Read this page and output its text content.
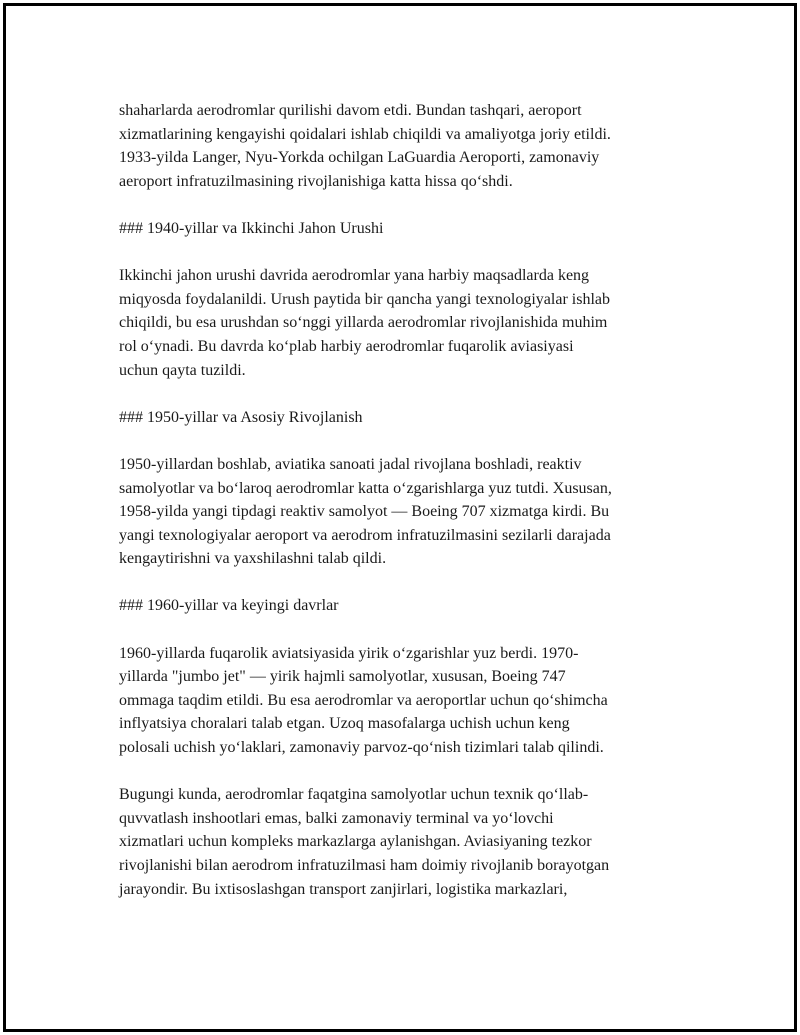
shaharlarda aerodromlar qurilishi davom etdi. Bundan tashqari, aeroport
xizmatlarining kengayishi qoidalari ishlab chiqildi va amaliyotga joriy etildi.
1933-yilda Langer, Nyu-Yorkda ochilgan LaGuardia Aeroporti, zamonaviy
aeroport infratuzilmasining rivojlanishiga katta hissa qo‘shdi.
### 1940-yillar va Ikkinchi Jahon Urushi
Ikkinchi jahon urushi davrida aerodromlar yana harbiy maqsadlarda keng
miqyosda foydalanildi. Urush paytida bir qancha yangi texnologiyalar ishlab
chiqildi, bu esa urushdan so‘nggi yillarda aerodromlar rivojlanishida muhim
rol o‘ynadi. Bu davrda ko‘plab harbiy aerodromlar fuqarolik aviasiyasi
uchun qayta tuzildi.
### 1950-yillar va Asosiy Rivojlanish
1950-yillardan boshlab, aviatika sanoati jadal rivojlana boshladi, reaktiv
samolyotlar va bo‘laroq aerodromlar katta o‘zgarishlarga yuz tutdi. Xususan,
1958-yilda yangi tipdagi reaktiv samolyot — Boeing 707 xizmatga kirdi. Bu
yangi texnologiyalar aeroport va aerodrom infratuzilmasini sezilarli darajada
kengaytirishni va yaxshilashni talab qildi.
### 1960-yillar va keyingi davrlar
1960-yillarda fuqarolik aviatsiyasida yirik o‘zgarishlar yuz berdi. 1970-
yillarda "jumbo jet" — yirik hajmli samolyotlar, xususan, Boeing 747
ommaga taqdim etildi. Bu esa aerodromlar va aeroportlar uchun qo‘shimcha
inflyatsiya choralari talab etgan. Uzoq masofalarga uchish uchun keng
polosali uchish yo‘laklari, zamonaviy parvoz-qo‘nish tizimlari talab qilindi.
Bugungi kunda, aerodromlar faqatgina samolyotlar uchun texnik qo‘llab-
quvvatlash inshootlari emas, balki zamonaviy terminal va yo‘lovchi
xizmatlari uchun kompleks markazlarga aylanishgan. Aviasiyaning tezkor
rivojlanishi bilan aerodrom infratuzilmasi ham doimiy rivojlanib borayotgan
jarayondir. Bu ixtisoslashgan transport zanjirlari, logistika markazlari,
